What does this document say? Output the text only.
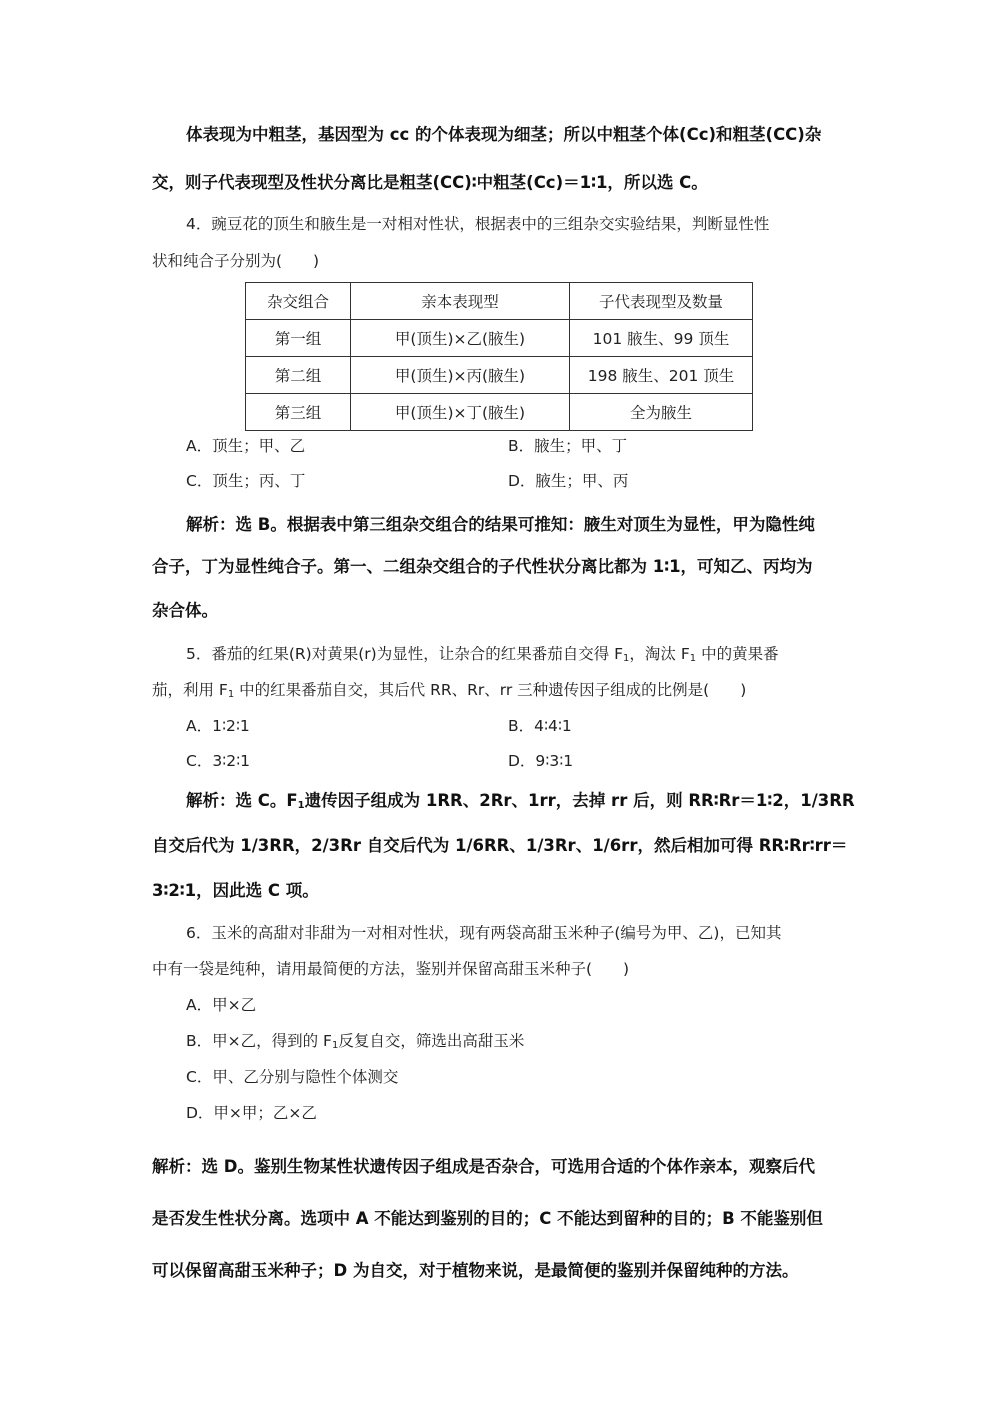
体表现为中粗茎，基因型为 cc 的个体表现为细茎；所以中粗茎个体(Cc)和粗茎(CC)杂
交，则子代表现型及性状分离比是粗茎(CC)∶中粗茎(Cc)＝1∶1，所以选 C。
4．豌豆花的顶生和腋生是一对相对性状，根据表中的三组杂交实验结果，判断显性性
状和纯合子分别为(　　)
杂交组合	亲本表现型	子代表现型及数量
第一组	甲(顶生)×乙(腋生)	101 腋生、99 顶生
第二组	甲(顶生)×丙(腋生)	198 腋生、201 顶生
第三组	甲(顶生)×丁(腋生)	全为腋生
A．顶生；甲、乙	B．腋生；甲、丁
C．顶生；丙、丁	D．腋生；甲、丙
解析：选 B。根据表中第三组杂交组合的结果可推知：腋生对顶生为显性，甲为隐性纯
合子，丁为显性纯合子。第一、二组杂交组合的子代性状分离比都为 1∶1，可知乙、丙均为
杂合体。
5．番茄的红果(R)对黄果(r)为显性，让杂合的红果番茄自交得 $F_1$，淘汰 $F_1$ 中的黄果番
茄，利用 $F_1$ 中的红果番茄自交，其后代 RR、Rr、rr 三种遗传因子组成的比例是(　　)
A．1∶2∶1	B．4∶4∶1
C．3∶2∶1	D．9∶3∶1
解析：选 C。$F_1$遗传因子组成为 1RR、2Rr、1rr，去掉 rr 后，则 RR∶Rr＝1∶2，1/3RR
自交后代为 1/3RR，2/3Rr 自交后代为 1/6RR、1/3Rr、1/6rr，然后相加可得 RR∶Rr∶rr＝
3∶2∶1，因此选 C 项。
6．玉米的高甜对非甜为一对相对性状，现有两袋高甜玉米种子(编号为甲、乙)，已知其
中有一袋是纯种，请用最简便的方法，鉴别并保留高甜玉米种子(　　)
A．甲×乙
B．甲×乙，得到的 $F_1$反复自交，筛选出高甜玉米
C．甲、乙分别与隐性个体测交
D．甲×甲；乙×乙
解析：选 D。鉴别生物某性状遗传因子组成是否杂合，可选用合适的个体作亲本，观察后代
是否发生性状分离。选项中 A 不能达到鉴别的目的；C 不能达到留种的目的；B 不能鉴别但
可以保留高甜玉米种子；D 为自交，对于植物来说，是最简便的鉴别并保留纯种的方法。
